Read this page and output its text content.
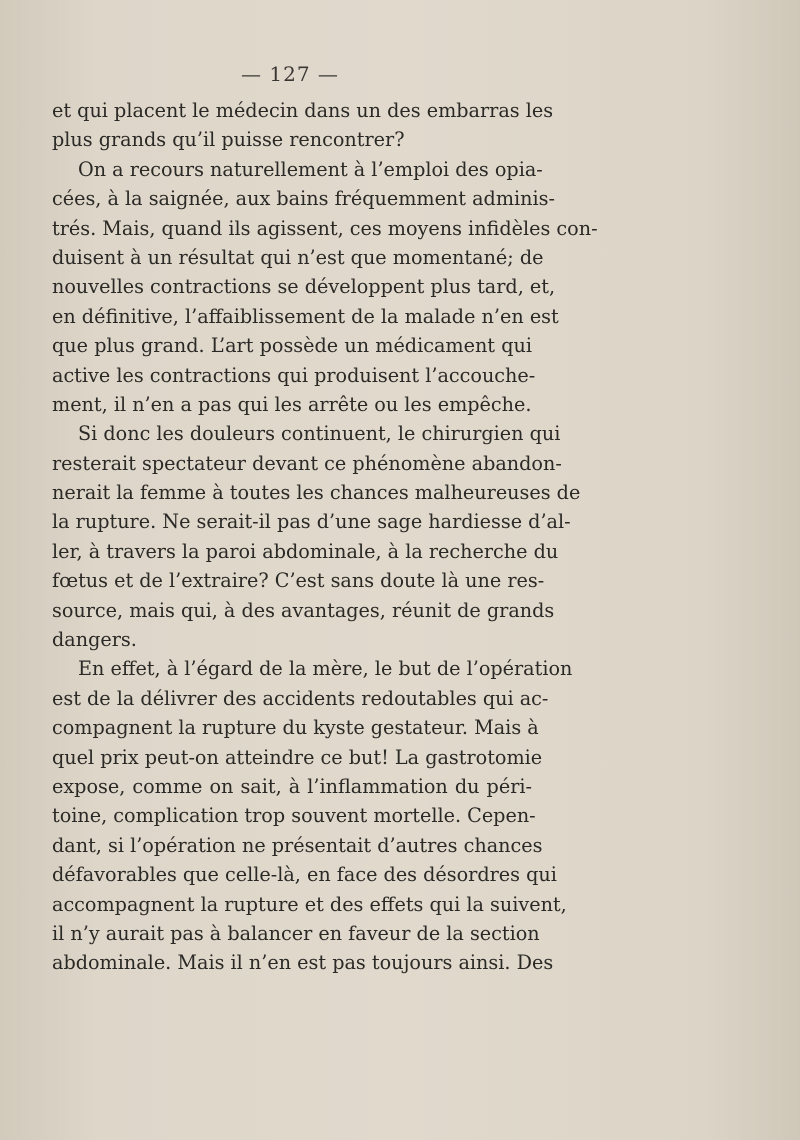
— 127 —
et qui placent le médecin dans un des embarras les
plus grands qu’il puisse rencontrer?
On a recours naturellement à l’emploi des opia-
cées, à la saignée, aux bains fréquemment adminis-
trés. Mais, quand ils agissent, ces moyens infidèles con-
duisent à un résultat qui n’est que momentané; de
nouvelles contractions se développent plus tard, et,
en définitive, l’affaiblissement de la malade n’en est
que plus grand. L’art possède un médicament qui
active les contractions qui produisent l’accouche-
ment, il n’en a pas qui les arrête ou les empêche.
Si donc les douleurs continuent, le chirurgien qui
resterait spectateur devant ce phénomène abandon-
nerait la femme à toutes les chances malheureuses de
la rupture. Ne serait-il pas d’une sage hardiesse d’al-
ler, à travers la paroi abdominale, à la recherche du
fœtus et de l’extraire? C’est sans doute là une res-
source, mais qui, à des avantages, réunit de grands
dangers.
En effet, à l’égard de la mère, le but de l’opération
est de la délivrer des accidents redoutables qui ac-
compagnent la rupture du kyste gestateur. Mais à
quel prix peut-on atteindre ce but! La gastrotomie
expose, comme on sait, à l’inflammation du péri-
toine, complication trop souvent mortelle. Cepen-
dant, si l’opération ne présentait d’autres chances
défavorables que celle-là, en face des désordres qui
accompagnent la rupture et des effets qui la suivent,
il n’y aurait pas à balancer en faveur de la section
abdominale. Mais il n’en est pas toujours ainsi. Des
